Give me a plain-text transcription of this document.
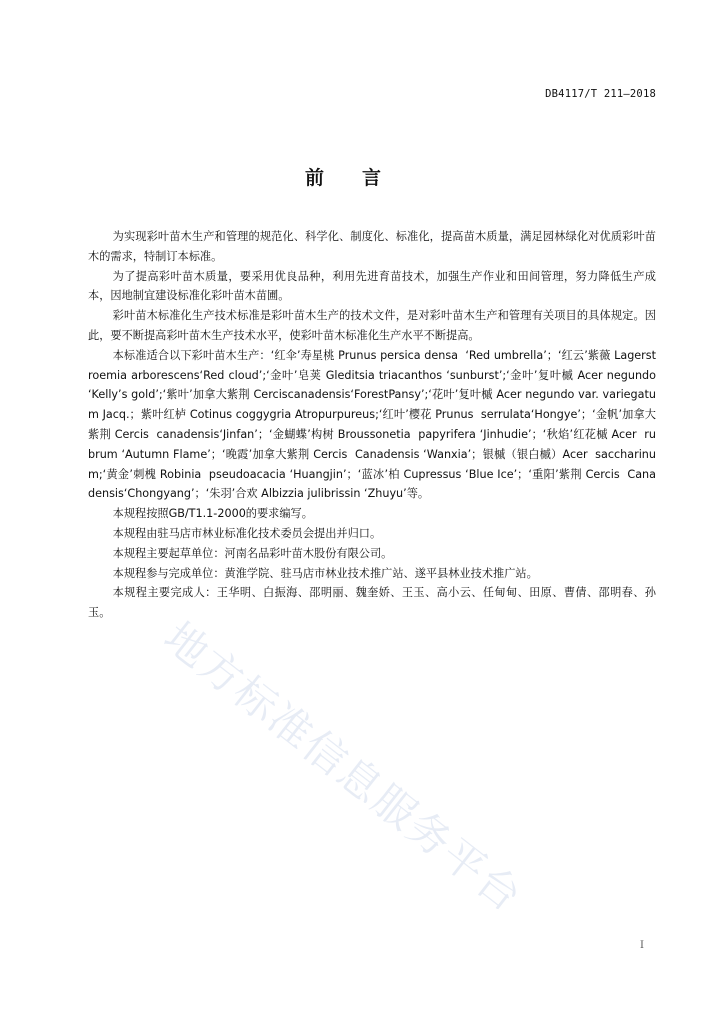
DB4117/T 211—2018
前言

为实现彩叶苗木生产和管理的规范化、科学化、制度化、标准化，提高苗木质量，满足园林绿化对优质彩叶苗木的需求，特制订本标准。

为了提高彩叶苗木质量，要采用优良品种，利用先进育苗技术，加强生产作业和田间管理，努力降低生产成本，因地制宜建设标准化彩叶苗木苗圃。

彩叶苗木标准化生产技术标准是彩叶苗木生产的技术文件，是对彩叶苗木生产和管理有关项目的具体规定。因此，要不断提高彩叶苗木生产技术水平，使彩叶苗木标准化生产水平不断提高。

本标准适合以下彩叶苗木生产：‘红伞’寿星桃 Prunus persica densa  ‘Red umbrella’；‘红云’紫薇 Lagerstroemia arborescens‘Red cloud’;‘金叶’皂荚 Gleditsia triacanthos ‘sunburst’;‘金叶’复叶槭 Acer negundo ‘Kelly’s gold’;‘紫叶’加拿大紫荆 Cerciscanadensis‘ForestPansy’;‘花叶’复叶槭 Acer negundo var. variegatum Jacq.；紫叶红栌 Cotinus coggygria Atropurpureus;‘红叶’樱花 Prunus  serrulata‘Hongye’；‘金帆’加拿大紫荆 Cercis  canadensis‘Jinfan’；‘金蝴蝶’构树 Broussonetia  papyrifera ‘Jinhudie’；‘秋焰’红花槭 Acer  rubrum ‘Autumn Flame’；‘晚霞’加拿大紫荆 Cercis  Canadensis ‘Wanxia’；银槭（银白槭）Acer  saccharinum;‘黄金’刺槐 Robinia  pseudoacacia ‘Huangjin’；‘蓝冰’柏 Cupressus ‘Blue Ice’；‘重阳’紫荆 Cercis  Canadensis‘Chongyang’；‘朱羽’合欢 Albizzia julibrissin ‘Zhuyu’等。

本规程按照GB/T1.1-2000的要求编写。

本规程由驻马店市林业标准化技术委员会提出并归口。

本规程主要起草单位：河南名品彩叶苗木股份有限公司。

本规程参与完成单位：黄淮学院、驻马店市林业技术推广站、遂平县林业技术推广站。

本规程主要完成人：王华明、白振海、邵明丽、魏奎娇、王玉、高小云、任甸甸、田原、曹倩、邵明春、孙玉。	地方标准信息服务平台
I
